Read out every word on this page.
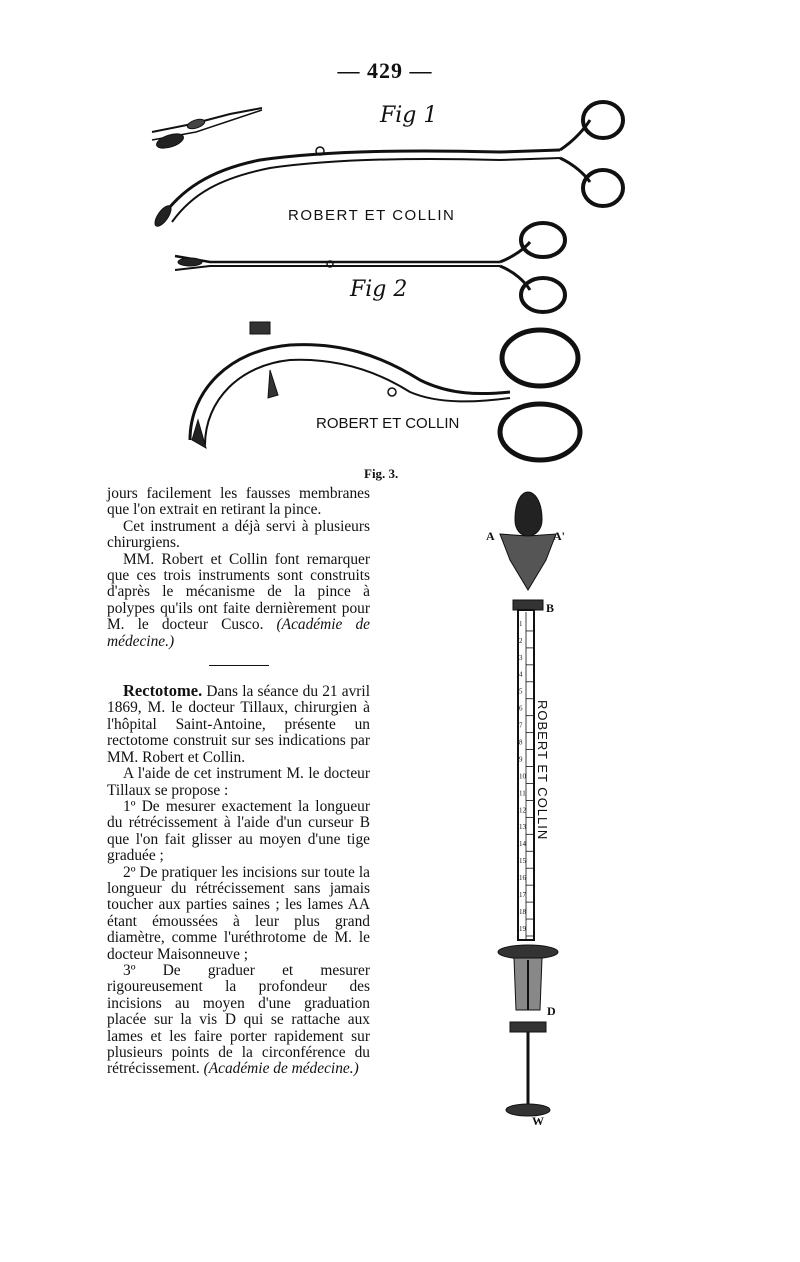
— 429 —
Fig 1
ROBERT ET COLLIN
Fig 2
ROBERT ET COLLIN
Fig. 3.
1
2
3
4
5
6
7
8
9
10
11
12
13
14
15
16
17
18
19
A	A'
B
D
W
ROBERT ET COLLIN

jours facilement les fausses membranes que l'on extrait en retirant la pince.

Cet instrument a déjà servi à plusieurs chirurgiens.

MM. Robert et Collin font remarquer que ces trois instruments sont construits d'après le mécanisme de la pince à polypes qu'ils ont faite dernièrement pour M. le docteur Cusco. (Académie de médecine.)

Rectotome. Dans la séance du 21 avril 1869, M. le docteur Tillaux, chirurgien à l'hôpital Saint-Antoine, présente un rectotome construit sur ses indications par MM. Robert et Collin.

A l'aide de cet instrument M. le docteur Tillaux se propose :

1º De mesurer exactement la longueur du rétrécissement à l'aide d'un curseur B que l'on fait glisser au moyen d'une tige graduée ;

2º De pratiquer les incisions sur toute la longueur du rétrécissement sans jamais toucher aux parties saines ; les lames AA étant émoussées à leur plus grand diamètre, comme l'uréthrotome de M. le docteur Maisonneuve ;

3º De graduer et mesurer rigoureusement la profondeur des incisions au moyen d'une graduation placée sur la vis D qui se rattache aux lames et les faire porter rapidement sur plusieurs points de la circonférence du rétrécissement. (Académie de médecine.)
